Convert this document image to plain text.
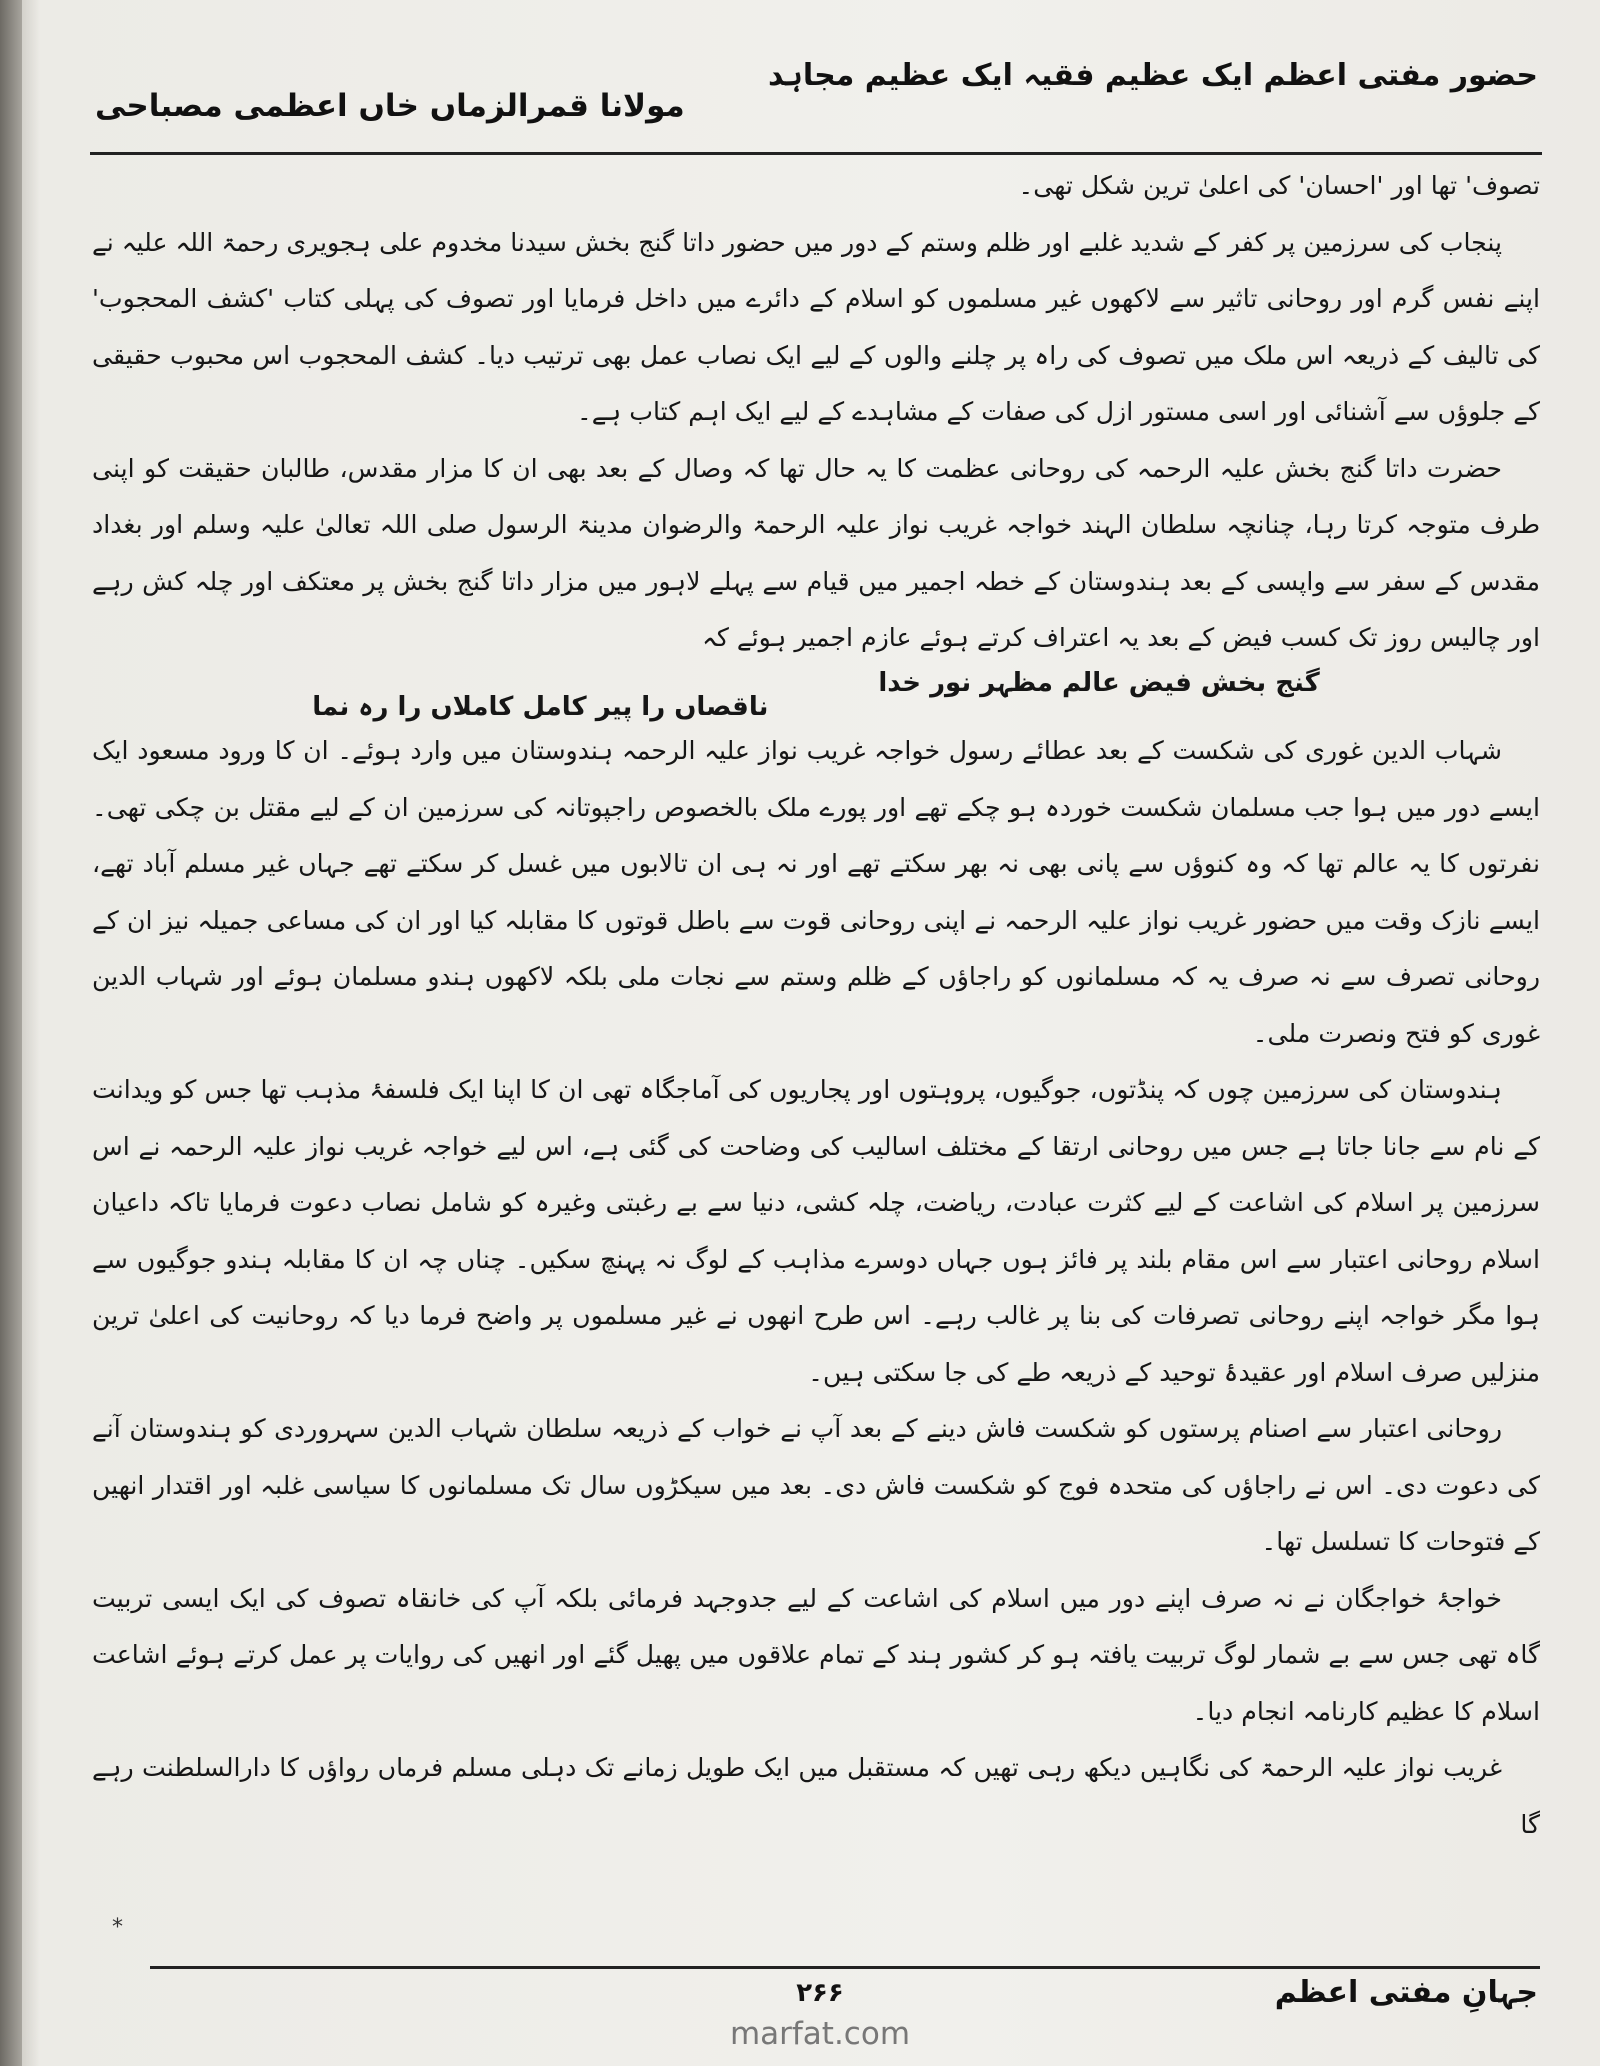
حضور مفتی اعظم ایک عظیم فقیہ ایک عظیم مجاہد
مولانا قمرالزماں خاں اعظمی مصباحی

تصوف' تھا اور 'احسان' کی اعلیٰ ترین شکل تھی۔

پنجاب کی سرزمین پر کفر کے شدید غلبے اور ظلم وستم کے دور میں حضور داتا گنج بخش سیدنا مخدوم علی ہجویری رحمۃ اللہ علیہ نے اپنے نفس گرم اور روحانی تاثیر سے لاکھوں غیر مسلموں کو اسلام کے دائرے میں داخل فرمایا اور تصوف کی پہلی کتاب 'کشف المحجوب' کی تالیف کے ذریعہ اس ملک میں تصوف کی راہ پر چلنے والوں کے لیے ایک نصاب عمل بھی ترتیب دیا۔ کشف المحجوب اس محبوب حقیقی کے جلوؤں سے آشنائی اور اسی مستور ازل کی صفات کے مشاہدے کے لیے ایک اہم کتاب ہے۔

حضرت داتا گنج بخش علیہ الرحمہ کی روحانی عظمت کا یہ حال تھا کہ وصال کے بعد بھی ان کا مزار مقدس، طالبان حقیقت کو اپنی طرف متوجہ کرتا رہا، چنانچہ سلطان الہند خواجہ غریب نواز علیہ الرحمۃ والرضوان مدینۃ الرسول صلی اللہ تعالیٰ علیہ وسلم اور بغداد مقدس کے سفر سے واپسی کے بعد ہندوستان کے خطہ اجمیر میں قیام سے پہلے لاہور میں مزار داتا گنج بخش پر معتکف اور چلہ کش رہے اور چالیس روز تک کسب فیض کے بعد یہ اعتراف کرتے ہوئے عازم اجمیر ہوئے کہ

گنج بخش فیض عالم مظہر نور خدا
ناقصاں را پیر کامل کاملاں را رہ نما

شہاب الدین غوری کی شکست کے بعد عطائے رسول خواجہ غریب نواز علیہ الرحمہ ہندوستان میں وارد ہوئے۔ ان کا ورود مسعود ایک ایسے دور میں ہوا جب مسلمان شکست خوردہ ہو چکے تھے اور پورے ملک بالخصوص راجپوتانہ کی سرزمین ان کے لیے مقتل بن چکی تھی۔ نفرتوں کا یہ عالم تھا کہ وہ کنوؤں سے پانی بھی نہ بھر سکتے تھے اور نہ ہی ان تالابوں میں غسل کر سکتے تھے جہاں غیر مسلم آباد تھے، ایسے نازک وقت میں حضور غریب نواز علیہ الرحمہ نے اپنی روحانی قوت سے باطل قوتوں کا مقابلہ کیا اور ان کی مساعی جمیلہ نیز ان کے روحانی تصرف سے نہ صرف یہ کہ مسلمانوں کو راجاؤں کے ظلم وستم سے نجات ملی بلکہ لاکھوں ہندو مسلمان ہوئے اور شہاب الدین غوری کو فتح ونصرت ملی۔

ہندوستان کی سرزمین چوں کہ پنڈتوں، جوگیوں، پروہتوں اور پجاریوں کی آماجگاہ تھی ان کا اپنا ایک فلسفۂ مذہب تھا جس کو ویدانت کے نام سے جانا جاتا ہے جس میں روحانی ارتقا کے مختلف اسالیب کی وضاحت کی گئی ہے، اس لیے خواجہ غریب نواز علیہ الرحمہ نے اس سرزمین پر اسلام کی اشاعت کے لیے کثرت عبادت، ریاضت، چلہ کشی، دنیا سے بے رغبتی وغیرہ کو شامل نصاب دعوت فرمایا تاکہ داعیان اسلام روحانی اعتبار سے اس مقام بلند پر فائز ہوں جہاں دوسرے مذاہب کے لوگ نہ پہنچ سکیں۔ چناں چہ ان کا مقابلہ ہندو جوگیوں سے ہوا مگر خواجہ اپنے روحانی تصرفات کی بنا پر غالب رہے۔ اس طرح انھوں نے غیر مسلموں پر واضح فرما دیا کہ روحانیت کی اعلیٰ ترین منزلیں صرف اسلام اور عقیدۂ توحید کے ذریعہ طے کی جا سکتی ہیں۔

روحانی اعتبار سے اصنام پرستوں کو شکست فاش دینے کے بعد آپ نے خواب کے ذریعہ سلطان شہاب الدین سہروردی کو ہندوستان آنے کی دعوت دی۔ اس نے راجاؤں کی متحدہ فوج کو شکست فاش دی۔ بعد میں سیکڑوں سال تک مسلمانوں کا سیاسی غلبہ اور اقتدار انھیں کے فتوحات کا تسلسل تھا۔

خواجۂ خواجگان نے نہ صرف اپنے دور میں اسلام کی اشاعت کے لیے جدوجہد فرمائی بلکہ آپ کی خانقاہ تصوف کی ایک ایسی تربیت گاہ تھی جس سے بے شمار لوگ تربیت یافتہ ہو کر کشور ہند کے تمام علاقوں میں پھیل گئے اور انھیں کی روایات پر عمل کرتے ہوئے اشاعت اسلام کا عظیم کارنامہ انجام دیا۔

غریب نواز علیہ الرحمۃ کی نگاہیں دیکھ رہی تھیں کہ مستقبل میں ایک طویل زمانے تک دہلی مسلم فرماں رواؤں کا دارالسلطنت رہے گا

*
جہانِ مفتی اعظم
۲۶۶
marfat.com
